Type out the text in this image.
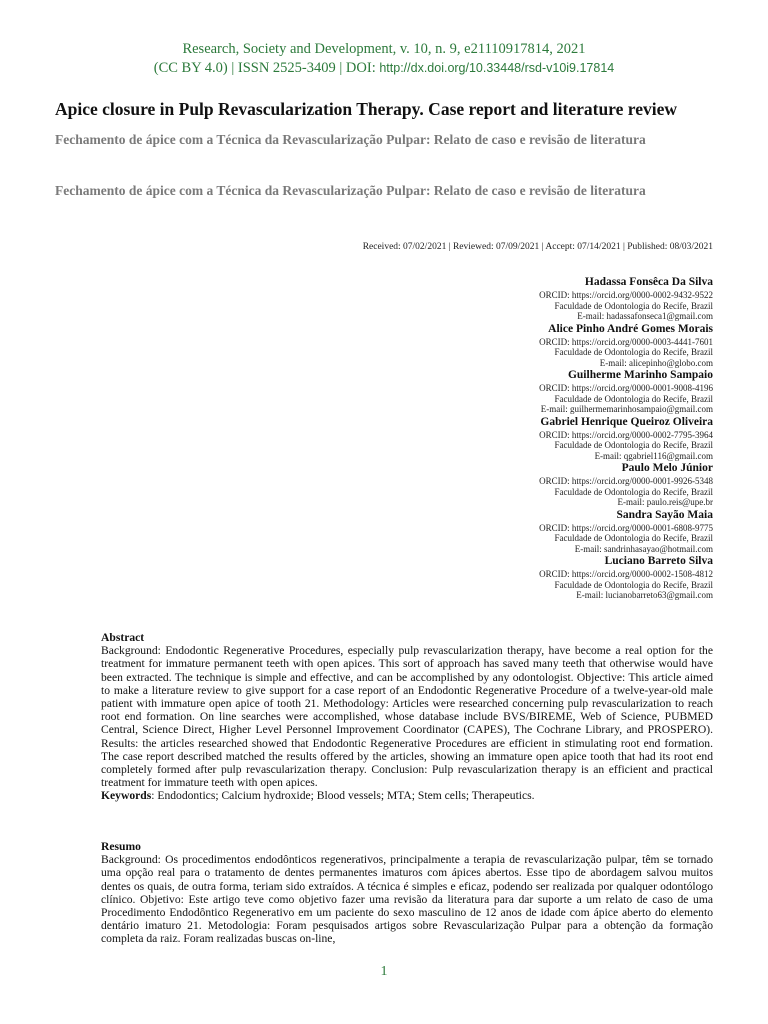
Research, Society and Development, v. 10, n. 9, e21110917814, 2021
(CC BY 4.0) | ISSN 2525-3409 | DOI: http://dx.doi.org/10.33448/rsd-v10i9.17814
Apice closure in Pulp Revascularization Therapy. Case report and literature review
Fechamento de ápice com a Técnica da Revascularização Pulpar: Relato de caso e revisão de literatura
Fechamento de ápice com a Técnica da Revascularização Pulpar: Relato de caso e revisão de literatura
Received: 07/02/2021 | Reviewed: 07/09/2021 | Accept: 07/14/2021 | Published: 08/03/2021
Hadassa Fonsêca Da Silva
ORCID: https://orcid.org/0000-0002-9432-9522
Faculdade de Odontologia do Recife, Brazil
E-mail: hadassafonseca1@gmail.com
Alice Pinho André Gomes Morais
ORCID: https://orcid.org/0000-0003-4441-7601
Faculdade de Odontologia do Recife, Brazil
E-mail: alicepinho@globo.com
Guilherme Marinho Sampaio
ORCID: https://orcid.org/0000-0001-9008-4196
Faculdade de Odontologia do Recife, Brazil
E-mail: guilhermemarinhosampaio@gmail.com
Gabriel Henrique Queiroz Oliveira
ORCID: https://orcid.org/0000-0002-7795-3964
Faculdade de Odontologia do Recife, Brazil
E-mail: qgabriel116@gmail.com
Paulo Melo Júnior
ORCID: https://orcid.org/0000-0001-9926-5348
Faculdade de Odontologia do Recife, Brazil
E-mail: paulo.reis@upe.br
Sandra Sayão Maia
ORCID: https://orcid.org/0000-0001-6808-9775
Faculdade de Odontologia do Recife, Brazil
E-mail: sandrinhasayao@hotmail.com
Luciano Barreto Silva
ORCID: https://orcid.org/0000-0002-1508-4812
Faculdade de Odontologia do Recife, Brazil
E-mail: lucianobarreto63@gmail.com
Abstract

Background: Endodontic Regenerative Procedures, especially pulp revascularization therapy, have become a real option for the treatment for immature permanent teeth with open apices. This sort of approach has saved many teeth that otherwise would have been extracted. The technique is simple and effective, and can be accomplished by any odontologist. Objective: This article aimed to make a literature review to give support for a case report of an Endodontic Regenerative Procedure of a twelve-year-old male patient with immature open apice of tooth 21. Methodology: Articles were researched concerning pulp revascularization to reach root end formation. On line searches were accomplished, whose database include BVS/BIREME, Web of Science, PUBMED Central, Science Direct, Higher Level Personnel Improvement Coordinator (CAPES), The Cochrane Library, and PROSPERO). Results: the articles researched showed that Endodontic Regenerative Procedures are efficient in stimulating root end formation. The case report described matched the results offered by the articles, showing an immature open apice tooth that had its root end completely formed after pulp revascularization therapy. Conclusion: Pulp revascularization therapy is an efficient and practical treatment for immature teeth with open apices.

Keywords: Endodontics; Calcium hydroxide; Blood vessels; MTA; Stem cells; Therapeutics.

Resumo

Background: Os procedimentos endodônticos regenerativos, principalmente a terapia de revascularização pulpar, têm se tornado uma opção real para o tratamento de dentes permanentes imaturos com ápices abertos. Esse tipo de abordagem salvou muitos dentes os quais, de outra forma, teriam sido extraídos. A técnica é simples e eficaz, podendo ser realizada por qualquer odontólogo clínico. Objetivo: Este artigo teve como objetivo fazer uma revisão da literatura para dar suporte a um relato de caso de uma Procedimento Endodôntico Regenerativo em um paciente do sexo masculino de 12 anos de idade com ápice aberto do elemento dentário imaturo 21. Metodologia: Foram pesquisados artigos sobre Revascularização Pulpar para a obtenção da formação completa da raiz. Foram realizadas buscas on-line,

1
